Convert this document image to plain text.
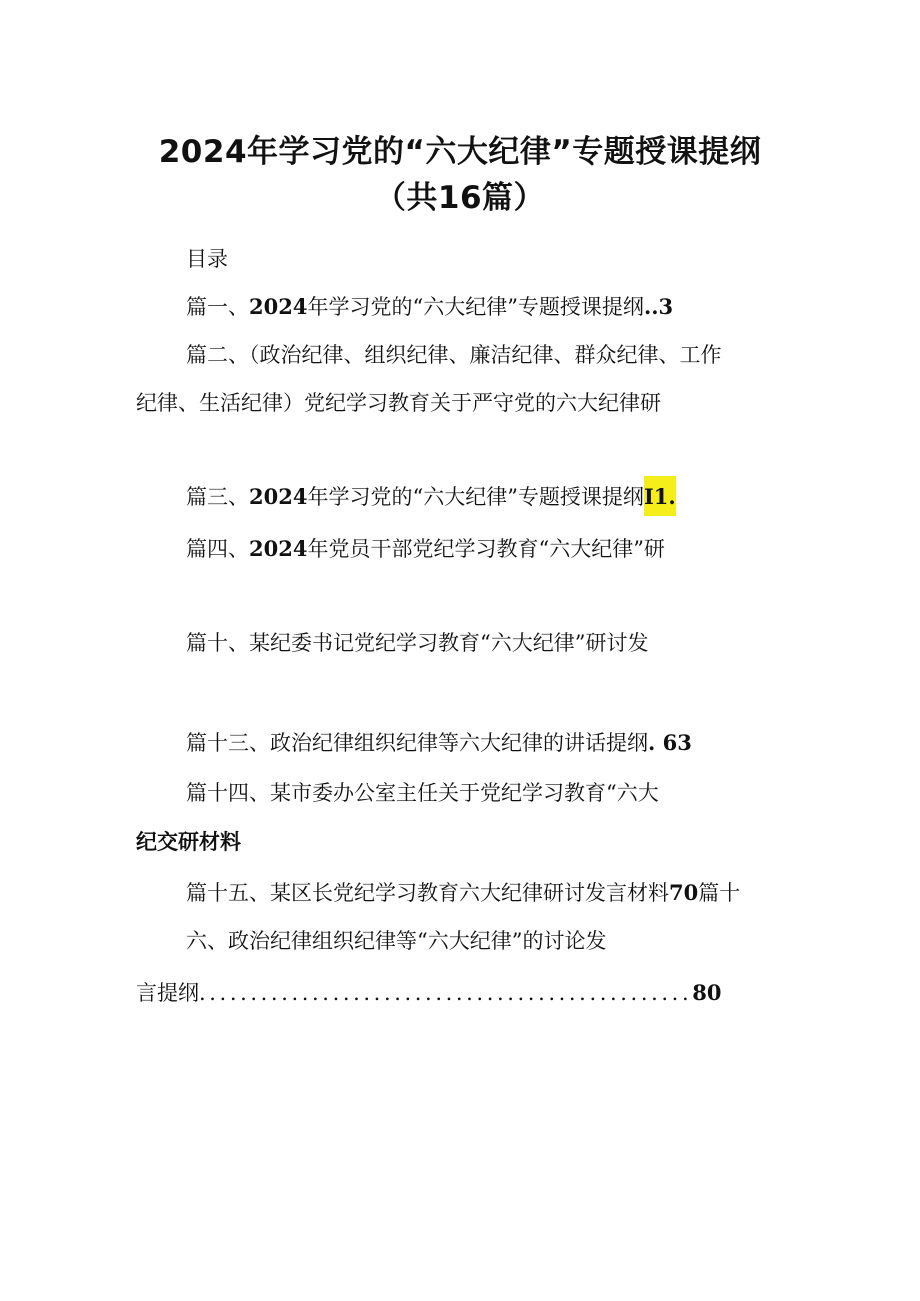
2024年学习党的“六大纪律”专题授课提纲
（共16篇）

目录

篇一、2024年学习党的“六大纪律”专题授课提纲..3

篇二、（政治纪律、组织纪律、廉洁纪律、群众纪律、工作

纪律、生活纪律）党纪学习教育关于严守党的六大纪律研

篇三、2024年学习党的“六大纪律”专题授课提纲I1.

篇四、2024年党员干部党纪学习教育“六大纪律”研

篇十、某纪委书记党纪学习教育“六大纪律”研讨发

篇十三、政治纪律组织纪律等六大纪律的讲话提纲. 63

篇十四、某市委办公室主任关于党纪学习教育“六大

纪交研材料

篇十五、某区长党纪学习教育六大纪律研讨发言材料70篇十

六、政治纪律组织纪律等“六大纪律”的讨论发

言提纲................................................80
